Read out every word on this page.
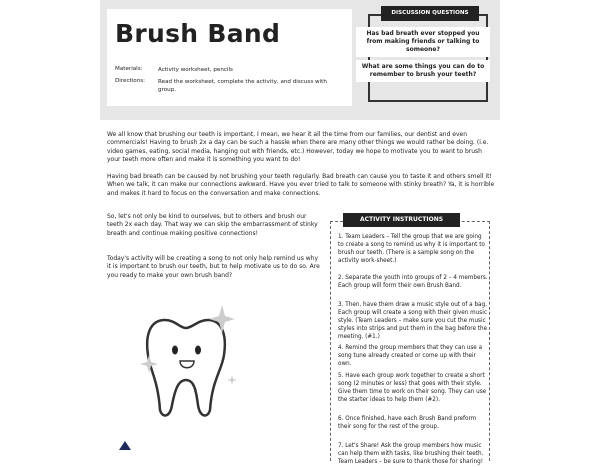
Brush Band
Materials:	Activity worksheet, pencils
Directions:	Read the worksheet, complete the activity, and discuss with group.
DISCUSSION QUESTIONS
Has bad breath ever stopped you from making friends or talking to someone?
What are some things you can do to remember to brush your teeth?
We all know that brushing our teeth is important, I mean, we hear it all the time from our families, our dentist and even commercials! Having to brush 2x a day can be such a hassle when there are many other things we would rather be doing. (i.e. video games, eating, social media, hanging out with friends, etc.) However, today we hope to motivate you to want to brush your teeth more often and make it is something you want to do!
Having bad breath can be caused by not brushing your teeth regularly. Bad breath can cause you to taste it and others smell it! When we talk, it can make our connections awkward. Have you ever tried to talk to someone with stinky breath? Ya, it is horrible and makes it hard to focus on the conversation and make connections.
So, let's not only be kind to ourselves, but to others and brush our teeth 2x each day. That way we can skip the embarrassment of stinky breath and continue making positive connections!
Today's activity will be creating a song to not only help remind us why it is important to brush our teeth, but to help motivate us to do so. Are you ready to make your own brush band?
ACTIVITY INSTRUCTIONS
1. Team Leaders – Tell the group that we are going to create a song to remind us why it is important to brush our teeth. (There is a sample song on the activity work-sheet.)
2. Separate the youth into groups of 2 – 4 members. Each group will form their own Brush Band.
3. Then, have them draw a music style out of a bag. Each group will create a song with their given music style. (Team Leaders – make sure you cut the music styles into strips and put them in the bag before the meeting. (#1.)
4. Remind the group members that they can use a song tune already created or come up with their own.
5. Have each group work together to create a short song (2 minutes or less) that goes with their style. Give them time to work on their song. They can use the starter ideas to help them (#2).
6. Once finished, have each Brush Band preform their song for the rest of the group.
7. Let's Share! Ask the group members how music can help them with tasks, like brushing their teeth. Team Leaders – be sure to thank those for sharing!
